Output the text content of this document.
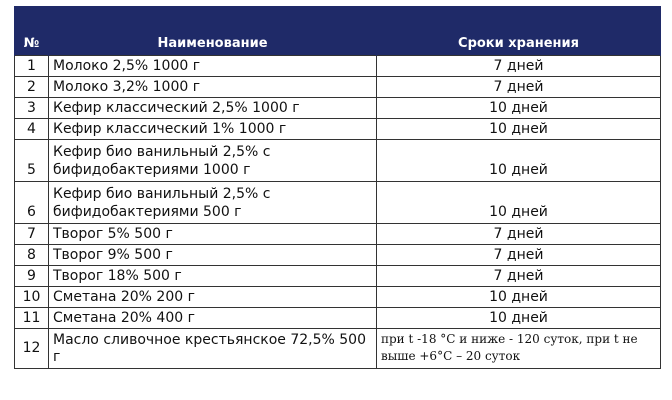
№	Наименование	Сроки хранения
1	Молоко 2,5% 1000 г	7 дней
2	Молоко 3,2% 1000 г	7 дней
3	Кефир классический 2,5% 1000 г	10 дней
4	Кефир классический 1% 1000 г	10 дней
5	Кефир био ванильный 2,5% с
бифидобактериями 1000 г	10 дней
6	Кефир био ванильный 2,5% с
бифидобактериями 500 г	10 дней
7	Творог 5% 500 г	7 дней
8	Творог 9% 500 г	7 дней
9	Творог 18% 500 г	7 дней
10	Сметана 20% 200 г	10 дней
11	Сметана 20% 400 г	10 дней
12	Масло сливочное крестьянское 72,5% 500 г	при t -18 °С и ниже - 120 суток, при t не
выше +6°С – 20 суток
